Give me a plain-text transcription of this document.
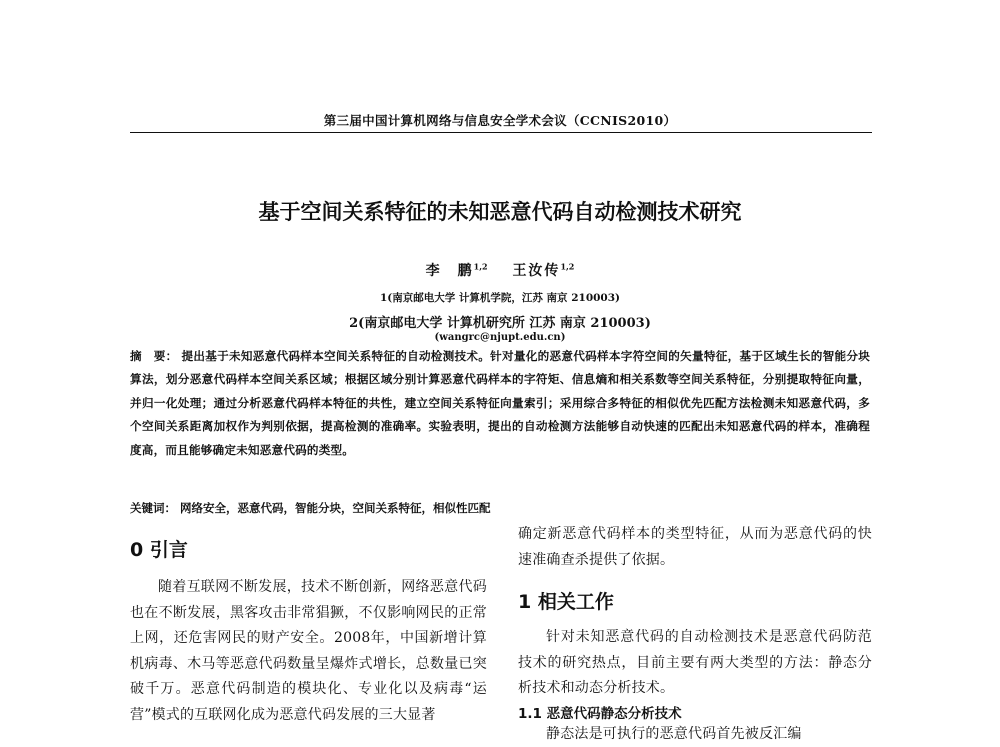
第三届中国计算机网络与信息安全学术会议（CCNIS2010）
基于空间关系特征的未知恶意代码自动检测技术研究
李　鹏$^{1,2}$ 王汝传$^{1,2}$
1(南京邮电大学 计算机学院，江苏 南京 210003)
2(南京邮电大学 计算机研究所 江苏 南京 210003)
(wangrc@njupt.edu.cn)
摘　要： 提出基于未知恶意代码样本空间关系特征的自动检测技术。针对量化的恶意代码样本字符空间的矢量特征，基于区域生长的智能分块算法，划分恶意代码样本空间关系区域；根据区域分别计算恶意代码样本的字符矩、信息熵和相关系数等空间关系特征，分别提取特征向量，并归一化处理；通过分析恶意代码样本特征的共性，建立空间关系特征向量索引；采用综合多特征的相似优先匹配方法检测未知恶意代码，多个空间关系距离加权作为判别依据，提高检测的准确率。实验表明，提出的自动检测方法能够自动快速的匹配出未知恶意代码的样本，准确程度高，而且能够确定未知恶意代码的类型。
关键词： 网络安全，恶意代码，智能分块，空间关系特征，相似性匹配
0 引言

随着互联网不断发展，技术不断创新，网络恶意代码也在不断发展，黑客攻击非常猖獗，不仅影响网民的正常上网，还危害网民的财产安全。2008年，中国新增计算机病毒、木马等恶意代码数量呈爆炸式增长，总数量已突破千万。恶意代码制造的模块化、专业化以及病毒“运营”模式的互联网化成为恶意代码发展的三大显著

确定新恶意代码样本的类型特征，从而为恶意代码的快速准确查杀提供了依据。

1 相关工作

针对未知恶意代码的自动检测技术是恶意代码防范技术的研究热点，目前主要有两大类型的方法：静态分析技术和动态分析技术。

1.1 恶意代码静态分析技术

静态法是可执行的恶意代码首先被反汇编
